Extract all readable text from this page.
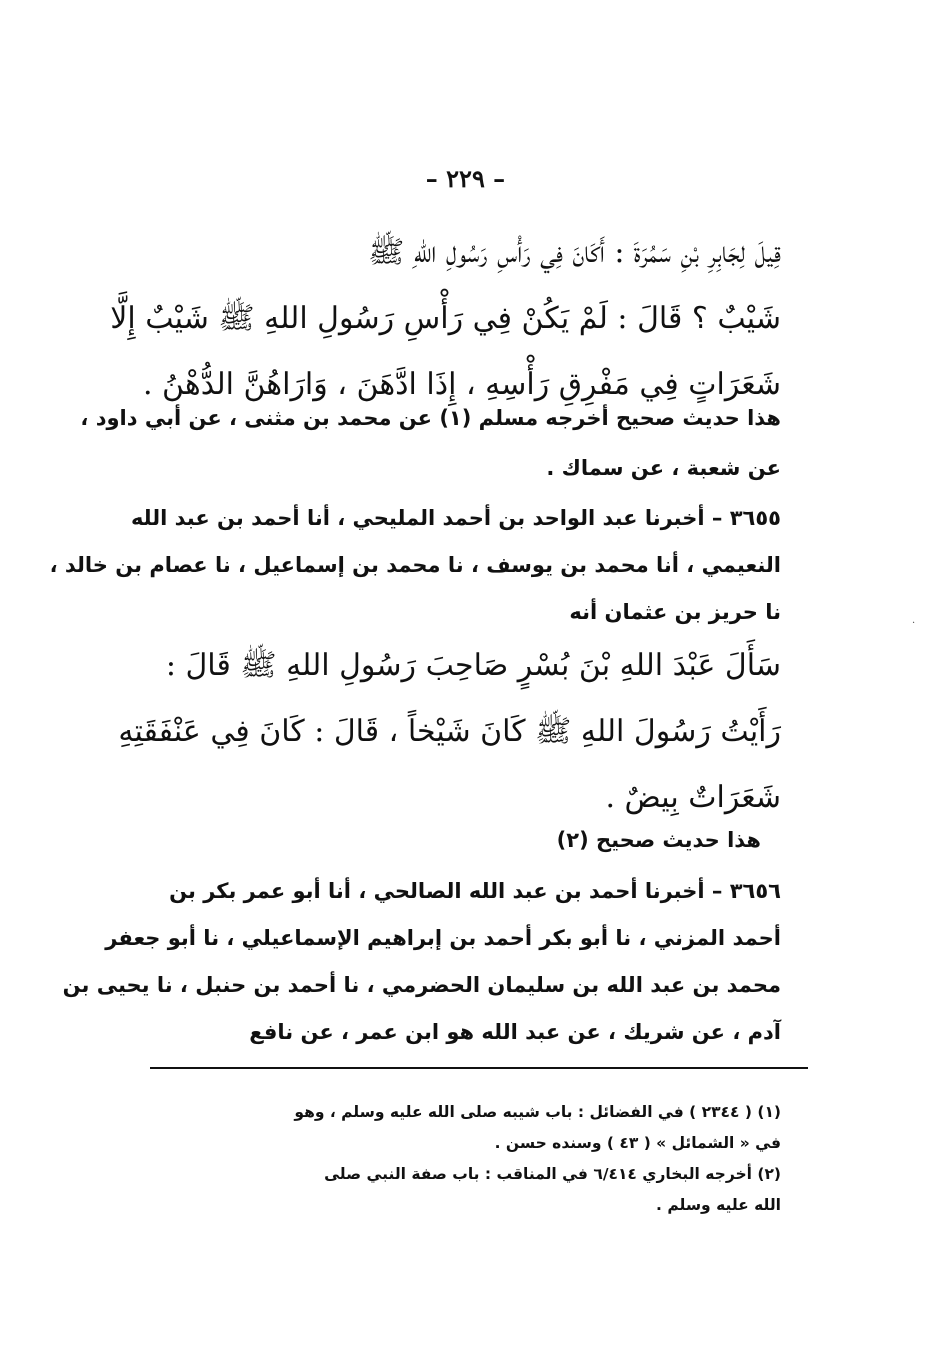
– ٢٢٩ –
قِيلَ لِجَابِرِ بْنِ سَمُرَةَ : أَكَانَ فِي رَأْسِ رَسُولِ اللهِ ﷺ
شَيْبٌ ؟ قَالَ : لَمْ يَكُنْ فِي رَأْسِ رَسُولِ اللهِ ﷺ شَيْبٌ إِلَّا
شَعَرَاتٍ فِي مَفْرِقِ رَأْسِهِ ، إِذَا ادَّهَنَ ، وَارَاهُنَّ الدُّهْنُ .
هذا حديث صحيح أخرجه مسلم (١) عن محمد بن مثنى ، عن أبي داود ،
عن شعبة ، عن سماك .
٣٦٥٥ – أخبرنا عبد الواحد بن أحمد المليحي ، أنا أحمد بن عبد الله
النعيمي ، أنا محمد بن يوسف ، نا محمد بن إسماعيل ، نا عصام بن خالد ،
نا حريز بن عثمان أنه
سَأَلَ عَبْدَ اللهِ بْنَ بُسْرٍ صَاحِبَ رَسُولِ اللهِ ﷺ قَالَ :
رَأَيْتُ رَسُولَ اللهِ ﷺ كَانَ شَيْخاً ، قَالَ : كَانَ فِي عَنْفَقَتِهِ
شَعَرَاتٌ بِيضٌ .
هذا حديث صحيح (٢)
٣٦٥٦ – أخبرنا أحمد بن عبد الله الصالحي ، أنا أبو عمر بكر بن
أحمد المزني ، نا أبو بكر أحمد بن إبراهيم الإسماعيلي ، نا أبو جعفر
محمد بن عبد الله بن سليمان الحضرمي ، نا أحمد بن حنبل ، نا يحيى بن
آدم ، عن شريك ، عن عبد الله هو ابن عمر ، عن نافع
(١) ( ٢٣٤٤ ) في الفضائل : باب شيبه صلى الله عليه وسلم ، وهو
في « الشمائل » ( ٤٣ ) وسنده حسن .
(٢) أخرجه البخاري ٦/٤١٤ في المناقب : باب صفة النبي صلى
الله عليه وسلم .
·
